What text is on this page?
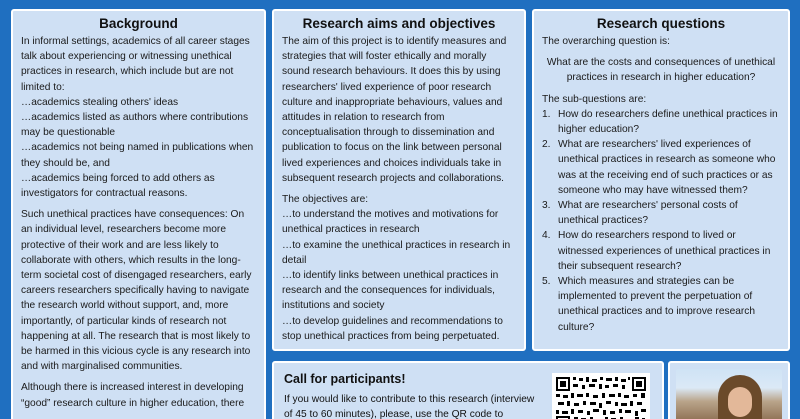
Background

In informal settings, academics of all career stages talk about experiencing or witnessing unethical practices in research, which include but are not limited to:

…academics stealing others' ideas

…academics listed as authors where contributions may be questionable

…academics not being named in publications when they should be, and

…academics being forced to add others as investigators for contractual reasons.

Such unethical practices have consequences: On an individual level, researchers become more protective of their work and are less likely to collaborate with others, which results in the long-term societal cost of disengaged researchers, early careers researchers specifically having to navigate the research world without support, and, more importantly, of particular kinds of research not happening at all. The research that is most likely to be harmed in this vicious cycle is any research into and with marginalised communities.

Although there is increased interest in developing “good” research culture in higher education, there

Research aims and objectives

The aim of this project is to identify measures and strategies that will foster ethically and morally sound research behaviours. It does this by using researchers' lived experience of poor research culture and inappropriate behaviours, values and attitudes in relation to research from conceptualisation through to dissemination and publication to focus on the link between personal lived experiences and choices individuals take in subsequent research projects and collaborations.

The objectives are:

…to understand the motives and motivations for unethical practices in research

…to examine the unethical practices in research in detail

…to identify links between unethical practices in research and the consequences for individuals, institutions and society

…to develop guidelines and recommendations to stop unethical practices from being perpetuated.

Research questions

The overarching question is:

What are the costs and consequences of unethical practices in research in higher education?

The sub-questions are:

1. How do researchers define unethical practices in higher education?
2. What are researchers' lived experiences of unethical practices in research as someone who was at the receiving end of such practices or as someone who may have witnessed them?
3. What are researchers' personal costs of unethical practices?
4. How do researchers respond to lived or witnessed experiences of unethical practices in their subsequent research?
5. Which measures and strategies can be implemented to prevent the perpetuation of unethical practices and to improve research culture?
Call for participants!
If you would like to contribute to this research (interview of 45 to 60 minutes), please, use the QR code to
